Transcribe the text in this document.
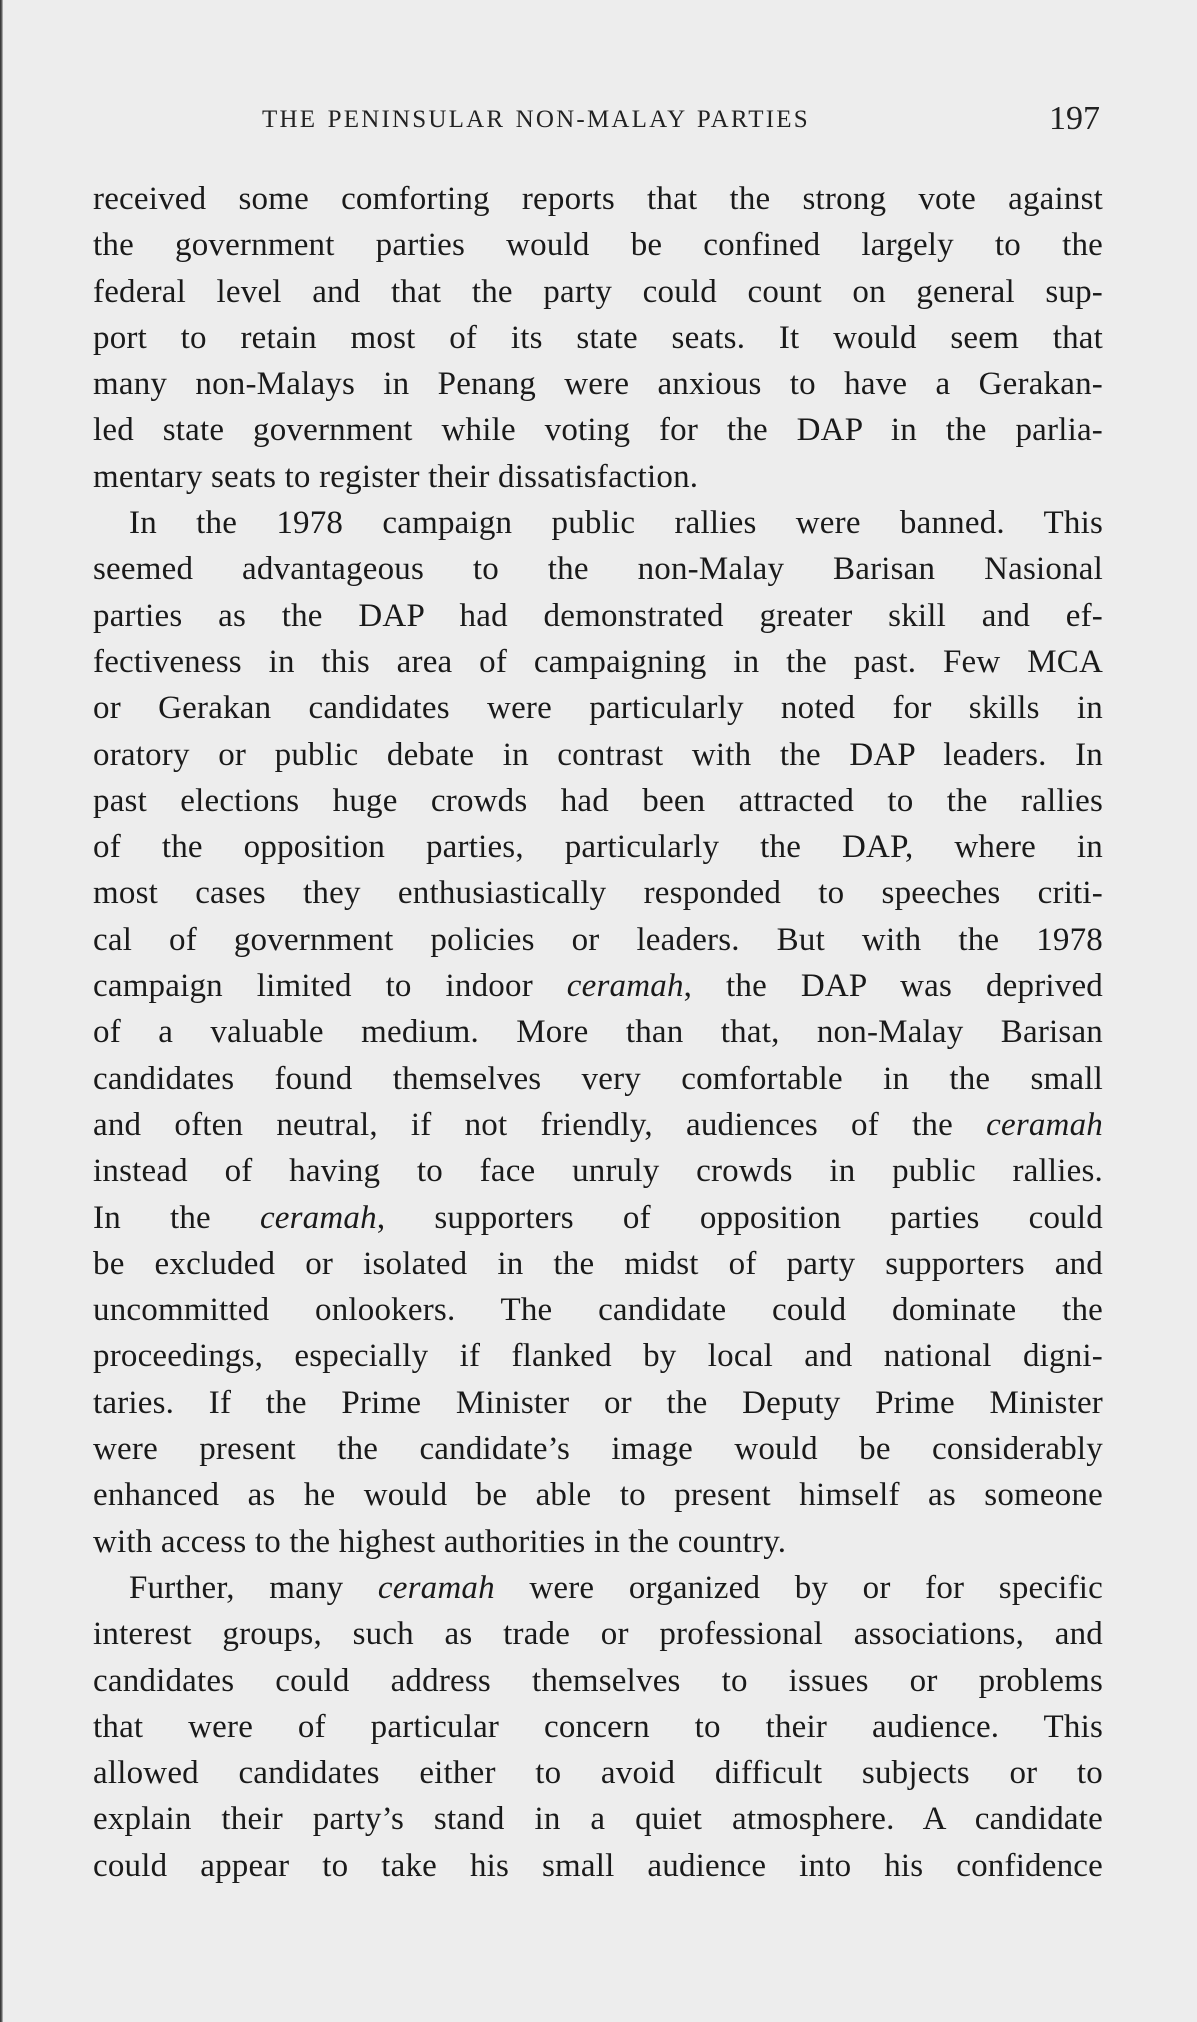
THE PENINSULAR NON-MALAY PARTIES	197
received some comforting reports that the strong vote against
the government parties would be confined largely to the
federal level and that the party could count on general sup-
port to retain most of its state seats. It would seem that
many non-Malays in Penang were anxious to have a Gerakan-
led state government while voting for the DAP in the parlia-
mentary seats to register their dissatisfaction.
In the 1978 campaign public rallies were banned. This
seemed advantageous to the non-Malay Barisan Nasional
parties as the DAP had demonstrated greater skill and ef-
fectiveness in this area of campaigning in the past. Few MCA
or Gerakan candidates were particularly noted for skills in
oratory or public debate in contrast with the DAP leaders. In
past elections huge crowds had been attracted to the rallies
of the opposition parties, particularly the DAP, where in
most cases they enthusiastically responded to speeches criti-
cal of government policies or leaders. But with the 1978
campaign limited to indoor ceramah, the DAP was deprived
of a valuable medium. More than that, non-Malay Barisan
candidates found themselves very comfortable in the small
and often neutral, if not friendly, audiences of the ceramah
instead of having to face unruly crowds in public rallies.
In the ceramah, supporters of opposition parties could
be excluded or isolated in the midst of party supporters and
uncommitted onlookers. The candidate could dominate the
proceedings, especially if flanked by local and national digni-
taries. If the Prime Minister or the Deputy Prime Minister
were present the candidate’s image would be considerably
enhanced as he would be able to present himself as someone
with access to the highest authorities in the country.
Further, many ceramah were organized by or for specific
interest groups, such as trade or professional associations, and
candidates could address themselves to issues or problems
that were of particular concern to their audience. This
allowed candidates either to avoid difficult subjects or to
explain their party’s stand in a quiet atmosphere. A candidate
could appear to take his small audience into his confidence
